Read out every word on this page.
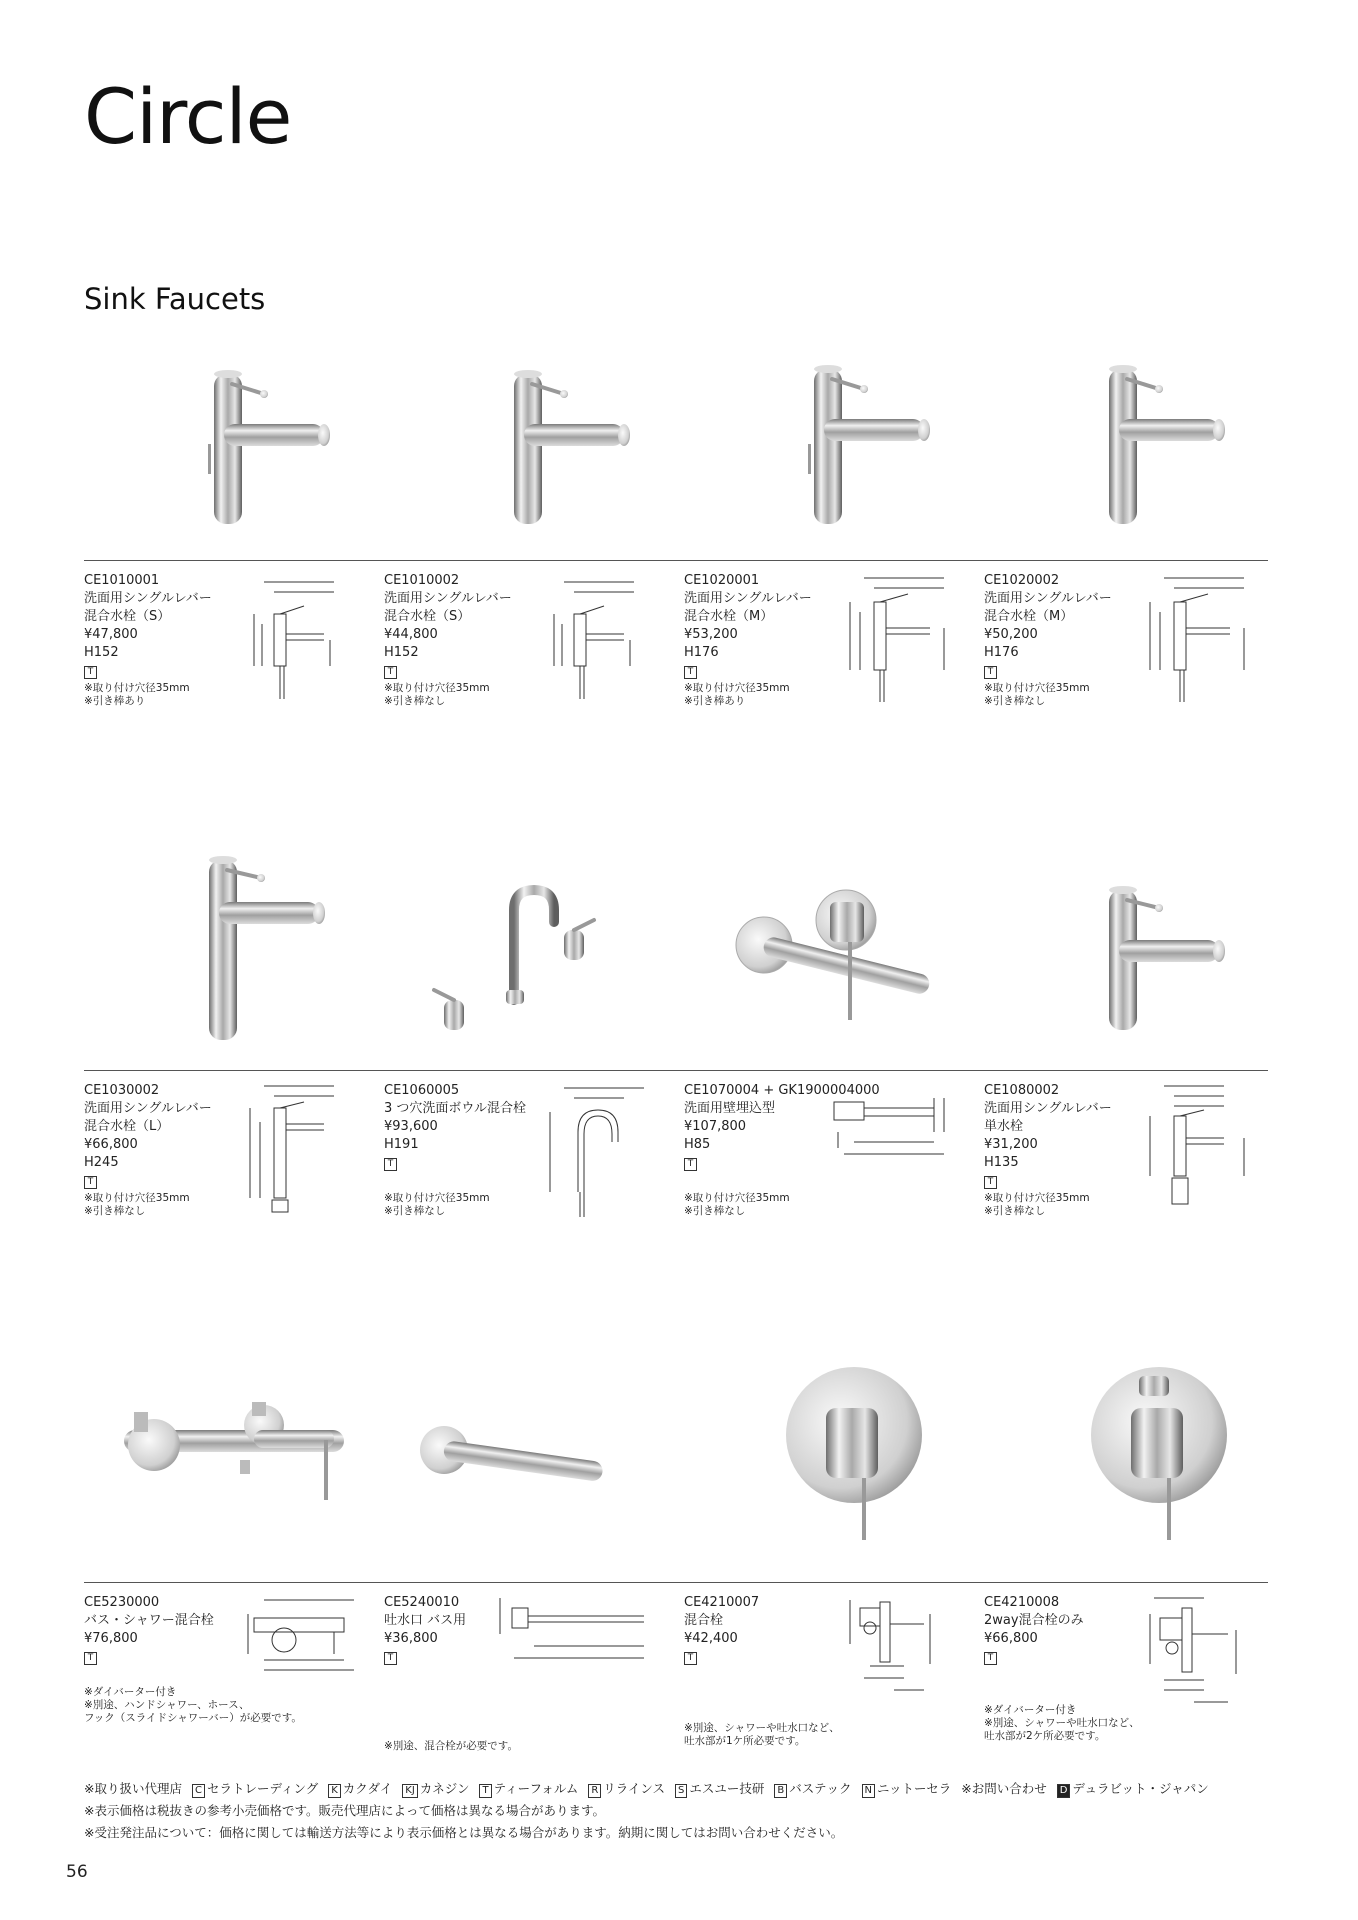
Circle
Sink Faucets
CE1010001
洗面用シングルレバー
混合水栓（S）
¥47,800
H152
T
※取り付け穴径35mm
※引き棒あり
CE1010002
洗面用シングルレバー
混合水栓（S）
¥44,800
H152
T
※取り付け穴径35mm
※引き棒なし
CE1020001
洗面用シングルレバー
混合水栓（M）
¥53,200
H176
T
※取り付け穴径35mm
※引き棒あり
CE1020002
洗面用シングルレバー
混合水栓（M）
¥50,200
H176
T
※取り付け穴径35mm
※引き棒なし
CE1030002
洗面用シングルレバー
混合水栓（L）
¥66,800
H245
T
※取り付け穴径35mm
※引き棒なし
CE1060005
3 つ穴洗面ボウル混合栓
¥93,600
H191
T
※取り付け穴径35mm
※引き棒なし
CE1070004 + GK1900004000
洗面用壁埋込型
¥107,800
H85
T
※取り付け穴径35mm
※引き棒なし
CE1080002
洗面用シングルレバー
単水栓
¥31,200
H135
T
※取り付け穴径35mm
※引き棒なし
CE5230000
バス・シャワー混合栓
¥76,800
T
※ダイバーター付き
※別途、ハンドシャワー、ホース、
フック（スライドシャワーバー）が必要です。
CE5240010
吐水口 バス用
¥36,800
T
※別途、混合栓が必要です。
CE4210007
混合栓
¥42,400
T
※別途、シャワーや吐水口など、
吐水部が1ケ所必要です。
CE4210008
2way混合栓のみ
¥66,800
T
※ダイバーター付き
※別途、シャワーや吐水口など、
吐水部が2ケ所必要です。
※取り扱い代理店 C セラトレーディング K カクダイ KJ カネジン T ティーフォルム R リラインス S エスユー技研 B バステック N ニットーセラ ※お問い合わせ D デュラビット・ジャパン
※表示価格は税抜きの参考小売価格です。販売代理店によって価格は異なる場合があります。
※受注発注品について：価格に関しては輸送方法等により表示価格とは異なる場合があります。納期に関してはお問い合わせください。
56
